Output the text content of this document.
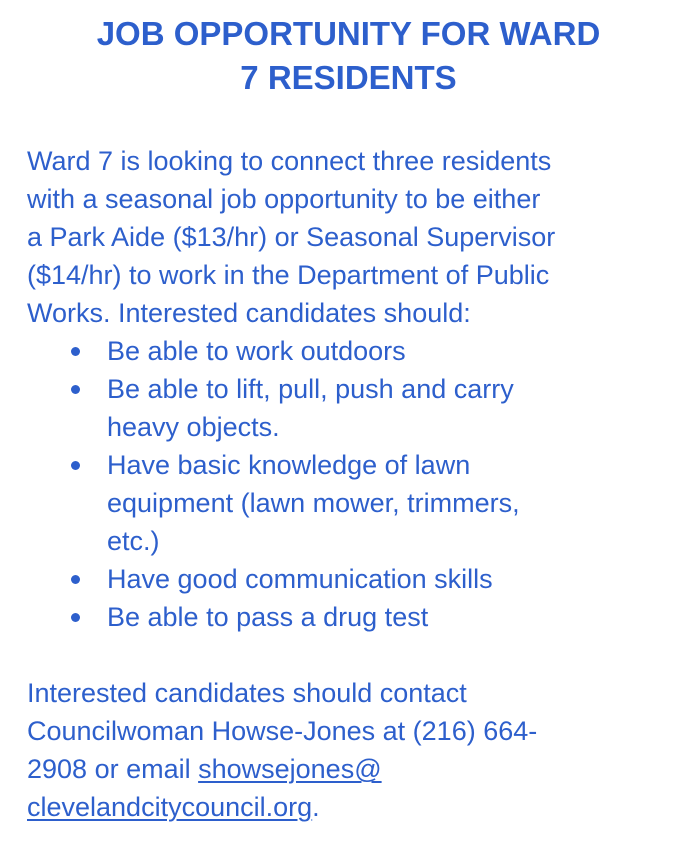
JOB OPPORTUNITY FOR WARD
7 RESIDENTS
Ward 7 is looking to connect three residents
with a seasonal job opportunity to be either
a Park Aide ($13/hr) or Seasonal Supervisor
($14/hr) to work in the Department of Public
Works. Interested candidates should:
Be able to work outdoors
Be able to lift, pull, push and carry
heavy objects.
Have basic knowledge of lawn
equipment (lawn mower, trimmers,
etc.)
Have good communication skills
Be able to pass a drug test
Interested candidates should contact
Councilwoman Howse-Jones at (216) 664-
2908 or email showsejones@
clevelandcitycouncil.org.
